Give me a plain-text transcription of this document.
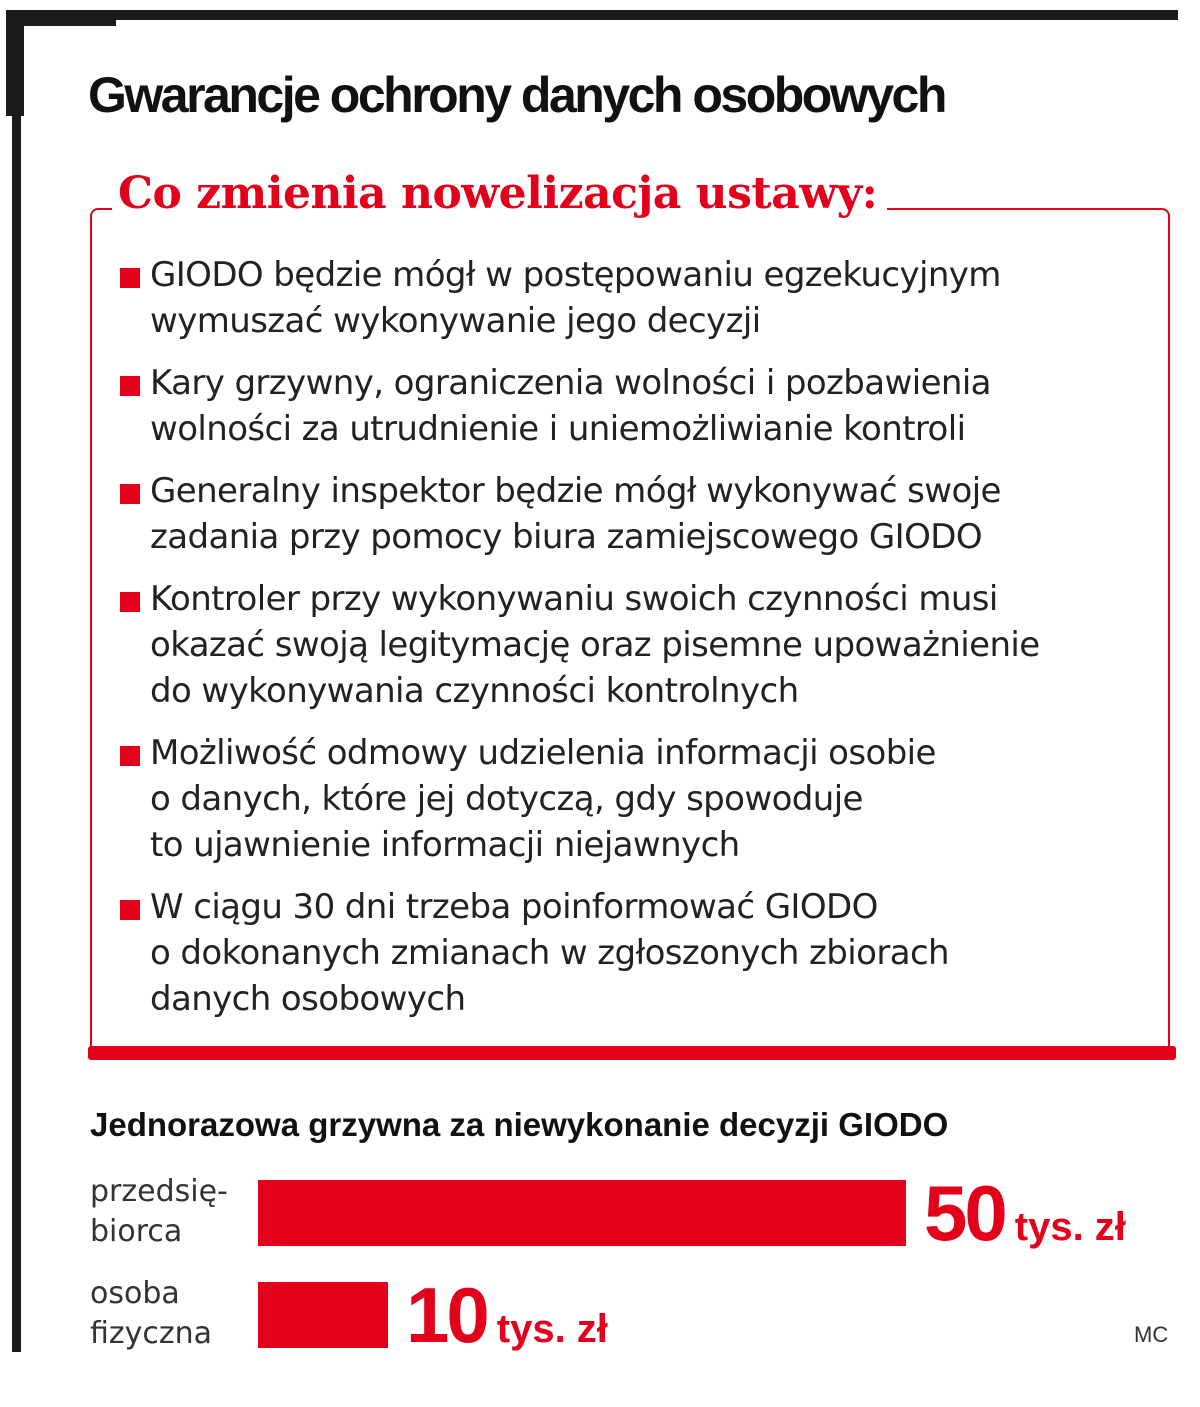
Gwarancje ochrony danych osobowych
Co zmienia nowelizacja ustawy:
GIODO będzie mógł w postępowaniu egzekucyjnym
wymuszać wykonywanie jego decyzji
Kary grzywny, ograniczenia wolności i pozbawienia
wolności za utrudnienie i uniemożliwianie kontroli
Generalny inspektor będzie mógł wykonywać swoje
zadania przy pomocy biura zamiejscowego GIODO
Kontroler przy wykonywaniu swoich czynności musi
okazać swoją legitymację oraz pisemne upoważnienie
do wykonywania czynności kontrolnych
Możliwość odmowy udzielenia informacji osobie
o danych, które jej dotyczą, gdy spowoduje
to ujawnienie informacji niejawnych
W ciągu 30 dni trzeba poinformować GIODO
o dokonanych zmianach w zgłoszonych zbiorach
danych osobowych
Jednorazowa grzywna za niewykonanie decyzji GIODO
przedsię-
biorca
osoba
fizyczna
50 tys. zł
10 tys. zł	MC
